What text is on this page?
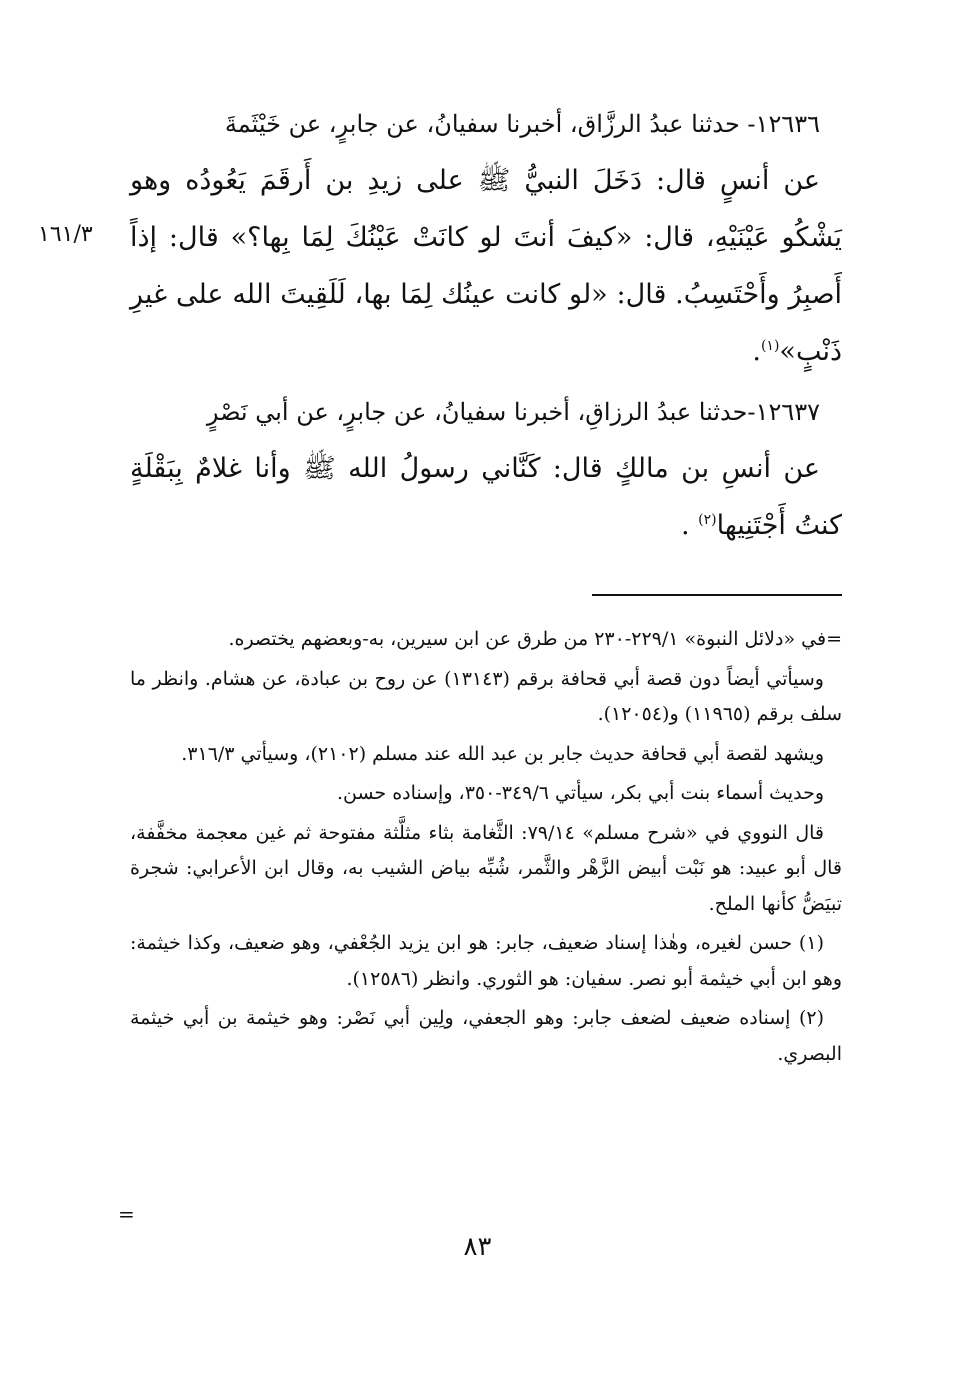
١٦١/٣

١٢٦٣٦- حدثنا عبدُ الرزَّاق، أخبرنا سفيانُ، عن جابرٍ، عن خَيْثَمةَ

عن أنسٍ قال: دَخَلَ النبيُّ ﷺ على زيدِ بن أَرقَمَ يَعُودُه وهو يَشْكُو عَيْنَيْهِ، قال: «كيفَ أنتَ لو كانَتْ عَيْنُكَ لِمَا بِها؟» قال: إذاً أَصبِرُ وأَحْتَسِبُ. قال: «لو كانت عينُك لِمَا بها، لَلَقِيتَ الله على غيرِ ذَنْبٍ»$^{(١)}$.

١٢٦٣٧-حدثنا عبدُ الرزاقِ، أخبرنا سفيانُ، عن جابرٍ، عن أبي نَصْرٍ

عن أنسِ بن مالكٍ قال: كَنَّاني رسولُ الله ﷺ وأنا غلامٌ بِبَقْلَةٍ كنتُ أَجْتَنِيها$^{(٢)}$ .

=في «دلائل النبوة» ٢٢٩/١-٢٣٠ من طرق عن ابن سيرين، به-وبعضهم يختصره.

وسيأتي أيضاً دون قصة أبي قحافة برقم (١٣١٤٣) عن روح بن عبادة، عن هشام. وانظر ما سلف برقم (١١٩٦٥) و(١٢٠٥٤).

ويشهد لقصة أبي قحافة حديث جابر بن عبد الله عند مسلم (٢١٠٢)، وسيأتي ٣١٦/٣.

وحديث أسماء بنت أبي بكر، سيأتي ٣٤٩/٦-٣٥٠، وإسناده حسن.

قال النووي في «شرح مسلم» ٧٩/١٤: الثَّغامة بثاء مثلَّثة مفتوحة ثم غين معجمة مخفَّفة، قال أبو عبيد: هو نَبْت أبيض الزَّهْر والثَّمر، شُبِّه بياض الشيب به، وقال ابن الأعرابي: شجرة تبيَضُّ كأنها الملح.

(١) حسن لغيره، وهٰذا إسناد ضعيف، جابر: هو ابن يزيد الجُعْفي، وهو ضعيف، وكذا خيثمة: وهو ابن أبي خيثمة أبو نصر. سفيان: هو الثوري. وانظر (١٢٥٨٦).

(٢) إسناده ضعيف لضعف جابر: وهو الجعفي، ولِين أبي نَصْر: وهو خيثمة بن أبي خيثمة البصري.

=
٨٣
